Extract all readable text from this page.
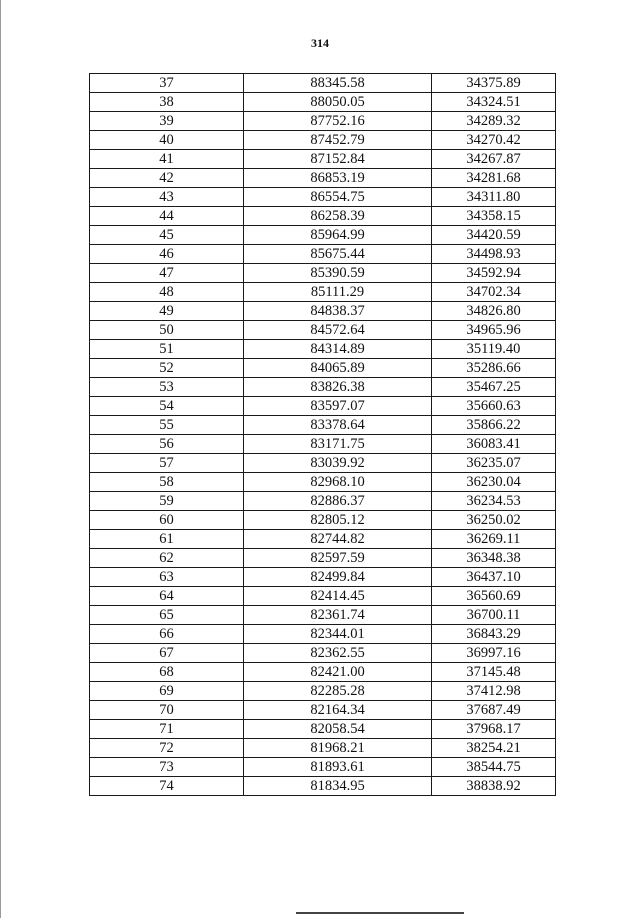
314
37	88345.58	34375.89
38	88050.05	34324.51
39	87752.16	34289.32
40	87452.79	34270.42
41	87152.84	34267.87
42	86853.19	34281.68
43	86554.75	34311.80
44	86258.39	34358.15
45	85964.99	34420.59
46	85675.44	34498.93
47	85390.59	34592.94
48	85111.29	34702.34
49	84838.37	34826.80
50	84572.64	34965.96
51	84314.89	35119.40
52	84065.89	35286.66
53	83826.38	35467.25
54	83597.07	35660.63
55	83378.64	35866.22
56	83171.75	36083.41
57	83039.92	36235.07
58	82968.10	36230.04
59	82886.37	36234.53
60	82805.12	36250.02
61	82744.82	36269.11
62	82597.59	36348.38
63	82499.84	36437.10
64	82414.45	36560.69
65	82361.74	36700.11
66	82344.01	36843.29
67	82362.55	36997.16
68	82421.00	37145.48
69	82285.28	37412.98
70	82164.34	37687.49
71	82058.54	37968.17
72	81968.21	38254.21
73	81893.61	38544.75
74	81834.95	38838.92
